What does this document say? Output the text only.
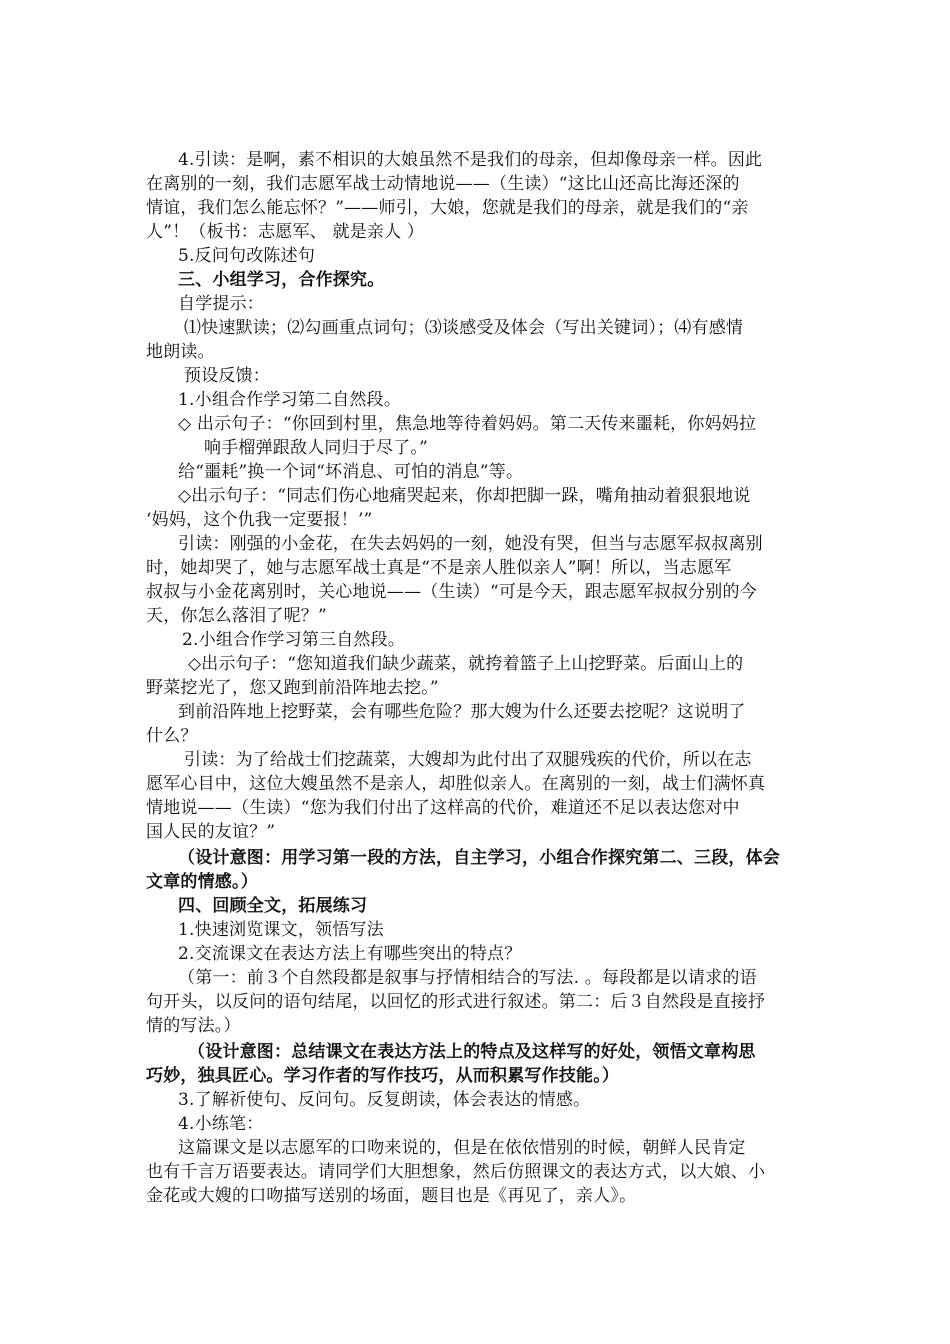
4.引读：是啊，素不相识的大娘虽然不是我们的母亲，但却像母亲一样。因此
在离别的一刻，我们志愿军战士动情地说——（生读）“这比山还高比海还深的
情谊，我们怎么能忘怀？”——师引，大娘，您就是我们的母亲，就是我们的“亲
人”！（板书：志愿军、 就是亲人 ）
5.反问句改陈述句
三、小组学习，合作探究。
自学提示：
⑴快速默读；⑵勾画重点词句；⑶谈感受及体会（写出关键词）；⑷有感情
地朗读。
预设反馈：
1.小组合作学习第二自然段。
◇ 出示句子：“你回到村里，焦急地等待着妈妈。第二天传来噩耗，你妈妈拉
响手榴弹跟敌人同归于尽了。”
给“噩耗”换一个词“坏消息、可怕的消息”等。
◇出示句子：“同志们伤心地痛哭起来，你却把脚一跺，嘴角抽动着狠狠地说
‘妈妈，这个仇我一定要报！’”
引读：刚强的小金花，在失去妈妈的一刻，她没有哭，但当与志愿军叔叔离别
时，她却哭了，她与志愿军战士真是“不是亲人胜似亲人”啊！所以，当志愿军
叔叔与小金花离别时，关心地说——（生读）“可是今天，跟志愿军叔叔分别的今
天，你怎么落泪了呢？”
2.小组合作学习第三自然段。
◇出示句子：“您知道我们缺少蔬菜，就挎着篮子上山挖野菜。后面山上的
野菜挖光了，您又跑到前沿阵地去挖。”
到前沿阵地上挖野菜，会有哪些危险？那大嫂为什么还要去挖呢？这说明了
什么？
引读：为了给战士们挖蔬菜，大嫂却为此付出了双腿残疾的代价，所以在志
愿军心目中，这位大嫂虽然不是亲人，却胜似亲人。在离别的一刻，战士们满怀真
情地说——（生读）“您为我们付出了这样高的代价，难道还不足以表达您对中
国人民的友谊？”
（设计意图：用学习第一段的方法，自主学习，小组合作探究第二、三段，体会
文章的情感。）
四、回顾全文，拓展练习
1.快速浏览课文，领悟写法
2.交流课文在表达方法上有哪些突出的特点？
（第一：前３个自然段都是叙事与抒情相结合的写法. 。每段都是以请求的语
句开头，以反问的语句结尾，以回忆的形式进行叙述。第二：后３自然段是直接抒
情的写法。）
（设计意图：总结课文在表达方法上的特点及这样写的好处，领悟文章构思
巧妙，独具匠心。学习作者的写作技巧，从而积累写作技能。）
3.了解祈使句、反问句。反复朗读，体会表达的情感。
4.小练笔：
这篇课文是以志愿军的口吻来说的，但是在依依惜别的时候，朝鲜人民肯定
也有千言万语要表达。请同学们大胆想象，然后仿照课文的表达方式，以大娘、小
金花或大嫂的口吻描写送别的场面，题目也是《再见了，亲人》。
